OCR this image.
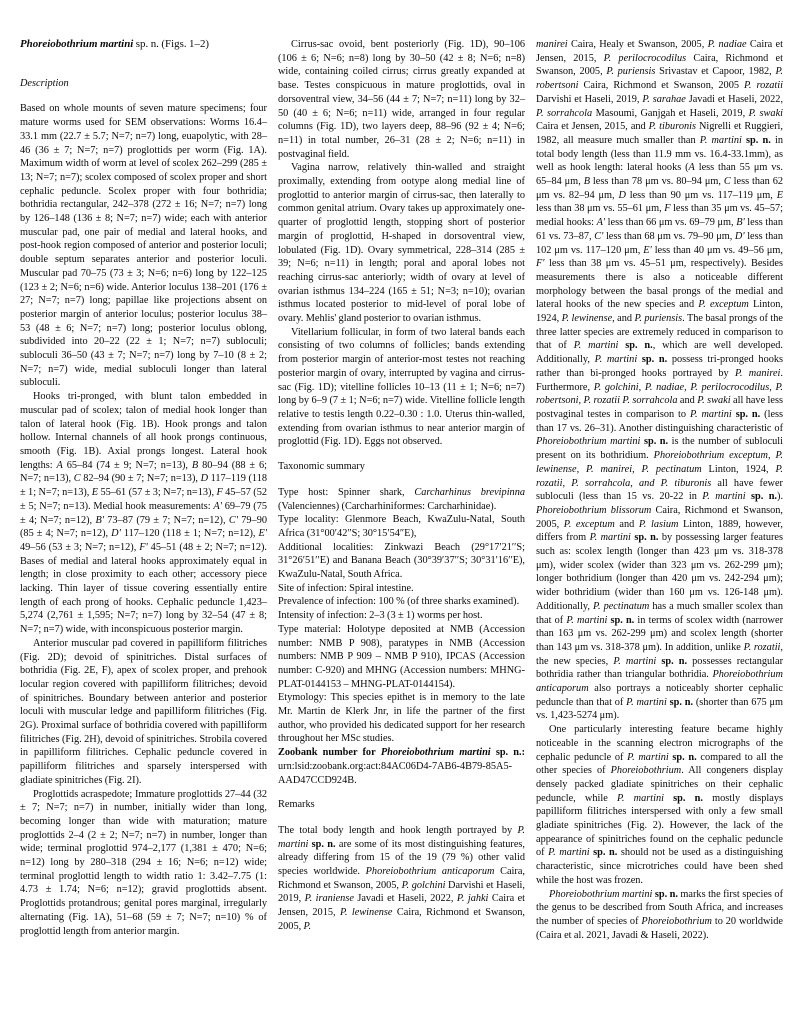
Phoreiobothrium martini sp. n. (Figs. 1–2)

Description

Based on whole mounts of seven mature specimens; four mature worms used for SEM observations: Worms 16.4–33.1 mm (22.7 ± 5.7; N=7; n=7) long, euapolytic, with 28–46 (36 ± 7; N=7; n=7) proglottids per worm (Fig. 1A). Maximum width of worm at level of scolex 262–299 (285 ± 13; N=7; n=7); scolex composed of scolex proper and short cephalic peduncle. Scolex proper with four bothridia; bothridia rectangular, 242–378 (272 ± 16; N=7; n=7) long by 126–148 (136 ± 8; N=7; n=7) wide; each with anterior muscular pad, one pair of medial and lateral hooks, and post-hook region composed of anterior and posterior loculi; double septum separates anterior and posterior loculi. Muscular pad 70–75 (73 ± 3; N=6; n=6) long by 122–125 (123 ± 2; N=6; n=6) wide. Anterior loculus 138–201 (176 ± 27; N=7; n=7) long; papillae like projections absent on posterior margin of anterior loculus; posterior loculus 38–53 (48 ± 6; N=7; n=7) long; posterior loculus oblong, subdivided into 20–22 (22 ± 1; N=7; n=7) subloculi; subloculi 36–50 (43 ± 7; N=7; n=7) long by 7–10 (8 ± 2; N=7; n=7) wide, medial subloculi longer than lateral subloculi.

Hooks tri-pronged, with blunt talon embedded in muscular pad of scolex; talon of medial hook longer than talon of lateral hook (Fig. 1B). Hook prongs and talon hollow. Internal channels of all hook prongs continuous, smooth (Fig. 1B). Axial prongs longest. Lateral hook lengths: A 65–84 (74 ± 9; N=7; n=13), B 80–94 (88 ± 6; N=7; n=13), C 82–94 (90 ± 7; N=7; n=13), D 117–119 (118 ± 1; N=7; n=13), E 55–61 (57 ± 3; N=7; n=13), F 45–57 (52 ± 5; N=7; n=13). Medial hook measurements: A' 69–79 (75 ± 4; N=7; n=12), B' 73–87 (79 ± 7; N=7; n=12), C' 79–90 (85 ± 4; N=7; n=12), D' 117–120 (118 ± 1; N=7; n=12), E' 49–56 (53 ± 3; N=7; n=12), F' 45–51 (48 ± 2; N=7; n=12). Bases of medial and lateral hooks approximately equal in length; in close proximity to each other; accessory piece lacking. Thin layer of tissue covering essentially entire length of each prong of hooks. Cephalic peduncle 1,423–5,274 (2,761 ± 1,595; N=7; n=7) long by 32–54 (47 ± 8; N=7; n=7) wide, with inconspicuous posterior margin.

Anterior muscular pad covered in papilliform filitriches (Fig. 2D); devoid of spinitriches. Distal surfaces of bothridia (Fig. 2E, F), apex of scolex proper, and prehook locular region covered with papilliform filitriches; devoid of spinitriches. Boundary between anterior and posterior loculi with muscular ledge and papilliform filitriches (Fig. 2G). Proximal surface of bothridia covered with papilliform filitriches (Fig. 2H), devoid of spinitriches. Strobila covered in papilliform filitriches. Cephalic peduncle covered in papilliform filitriches and sparsely interspersed with gladiate spinitriches (Fig. 2I).

Proglottids acraspedote; Immature proglottids 27–44 (32 ± 7; N=7; n=7) in number, initially wider than long, becoming longer than wide with maturation; mature proglottids 2–4 (2 ± 2; N=7; n=7) in number, longer than wide; terminal proglottid 974–2,177 (1,381 ± 470; N=6; n=12) long by 280–318 (294 ± 16; N=6; n=12) wide; terminal proglottid length to width ratio 1: 3.42–7.75 (1: 4.73 ± 1.74; N=6; n=12); gravid proglottids absent. Proglottids protandrous; genital pores marginal, irregularly alternating (Fig. 1A), 51–68 (59 ± 7; N=7; n=10) % of proglottid length from anterior margin.

Cirrus-sac ovoid, bent posteriorly (Fig. 1D), 90–106 (106 ± 6; N=6; n=8) long by 30–50 (42 ± 8; N=6; n=8) wide, containing coiled cirrus; cirrus greatly expanded at base. Testes conspicuous in mature proglottids, oval in dorsoventral view, 34–56 (44 ± 7; N=7; n=11) long by 32–50 (40 ± 6; N=6; n=11) wide, arranged in four regular columns (Fig. 1D), two layers deep, 88–96 (92 ± 4; N=6; n=11) in total number, 26–31 (28 ± 2; N=6; n=11) in postvaginal field.

Vagina narrow, relatively thin-walled and straight proximally, extending from ootype along medial line of proglottid to anterior margin of cirrus-sac, then laterally to common genital atrium. Ovary takes up approximately one-quarter of proglottid length, stopping short of posterior margin of proglottid, H-shaped in dorsoventral view, lobulated (Fig. 1D). Ovary symmetrical, 228–314 (285 ± 39; N=6; n=11) in length; poral and aporal lobes not reaching cirrus-sac anteriorly; width of ovary at level of ovarian isthmus 134–224 (165 ± 51; N=3; n=10); ovarian isthmus located posterior to mid-level of poral lobe of ovary. Mehlis' gland posterior to ovarian isthmus.

Vitellarium follicular, in form of two lateral bands each consisting of two columns of follicles; bands extending from posterior margin of anterior-most testes not reaching posterior margin of ovary, interrupted by vagina and cirrus-sac (Fig. 1D); vitelline follicles 10–13 (11 ± 1; N=6; n=7) long by 6–9 (7 ± 1; N=6; n=7) wide. Vitelline follicle length relative to testis length 0.22–0.30 : 1.0. Uterus thin-walled, extending from ovarian isthmus to near anterior margin of proglottid (Fig. 1D). Eggs not observed.

Taxonomic summary

Type host: Spinner shark, Carcharhinus brevipinna (Valenciennes) (Carcharhiniformes: Carcharhinidae).

Type locality: Glenmore Beach, KwaZulu-Natal, South Africa (31°00′42″S; 30°15′54″E),

Additional localities: Zinkwazi Beach (29°17′21′′S; 31°26′51′′E) and Banana Beach (30°39′37′′S; 30°31′16′′E), KwaZulu-Natal, South Africa.

Site of infection: Spiral intestine.

Prevalence of infection: 100 % (of three sharks examined).

Intensity of infection: 2–3 (3 ± 1) worms per host.

Type material: Holotype deposited at NMB (Accession number: NMB P 908), paratypes in NMB (Accession numbers: NMB P 909 – NMB P 910), IPCAS (Accession number: C-920) and MHNG (Accession numbers: MHNG-PLAT-0144153 – MHNG-PLAT-0144154).

Etymology: This species epithet is in memory to the late Mr. Martin de Klerk Jnr, in life the partner of the first author, who provided his dedicated support for her research throughout her MSc studies.

Zoobank number for Phoreiobothrium martini sp. n.: urn:lsid:zoobank.org:act:84AC06D4-7AB6-4B79-85A5-AAD47CCD924B.

Remarks

The total body length and hook length portrayed by P. martini sp. n. are some of its most distinguishing features, already differing from 15 of the 19 (79 %) other valid species worldwide. Phoreiobothrium anticaporum Caira, Richmond et Swanson, 2005, P. golchini Darvishi et Haseli, 2019, P. iraniense Javadi et Haseli, 2022, P. jahki Caira et Jensen, 2015, P. lewinense Caira, Richmond et Swanson, 2005, P.

manirei Caira, Healy et Swanson, 2005, P. nadiae Caira et Jensen, 2015, P. perilocrocodilus Caira, Richmond et Swanson, 2005, P. puriensis Srivastav et Capoor, 1982, P. robertsoni Caira, Richmond et Swanson, 2005 P. rozatii Darvishi et Haseli, 2019, P. sarahae Javadi et Haseli, 2022, P. sorrahcola Masoumi, Ganjgah et Haseli, 2019, P. swaki Caira et Jensen, 2015, and P. tiburonis Nigrelli et Ruggieri, 1982, all measure much smaller than P. martini sp. n. in total body length (less than 11.9 mm vs. 16.4-33.1mm), as well as hook length: lateral hooks (A less than 55 μm vs. 65–84 μm, B less than 78 μm vs. 80–94 μm, C less than 62 μm vs. 82–94 μm, D less than 90 μm vs. 117–119 μm, E less than 38 μm vs. 55–61 μm, F less than 35 μm vs. 45–57; medial hooks: A' less than 66 μm vs. 69–79 μm, B' less than 61 vs. 73–87, C' less than 68 μm vs. 79–90 μm, D' less than 102 μm vs. 117–120 μm, E' less than 40 μm vs. 49–56 μm, F' less than 38 μm vs. 45–51 μm, respectively). Besides measurements there is also a noticeable different morphology between the basal prongs of the medial and lateral hooks of the new species and P. exceptum Linton, 1924, P. lewinense, and P. puriensis. The basal prongs of the three latter species are extremely reduced in comparison to that of P. martini sp. n., which are well developed. Additionally, P. martini sp. n. possess tri-pronged hooks rather than bi-pronged hooks portrayed by P. manirei. Furthermore, P. golchini, P. nadiae, P. perilocrocodilus, P. robertsoni, P. rozatii P. sorrahcola and P. swaki all have less postvaginal testes in comparison to P. martini sp. n. (less than 17 vs. 26–31). Another distinguishing characteristic of Phoreiobothrium martini sp. n. is the number of subloculi present on its bothridium. Phoreiobothrium exceptum, P. lewinense, P. manirei, P. pectinatum Linton, 1924, P. rozatii, P. sorrahcola, and P. tiburonis all have fewer subloculi (less than 15 vs. 20-22 in P. martini sp. n.). Phoreiobothrium blissorum Caira, Richmond et Swanson, 2005, P. exceptum and P. lasium Linton, 1889, however, differs from P. martini sp. n. by possessing larger features such as: scolex length (longer than 423 μm vs. 318-378 μm), wider scolex (wider than 323 μm vs. 262-299 μm); longer bothridium (longer than 420 μm vs. 242-294 μm); wider bothridium (wider than 160 μm vs. 126-148 μm). Additionally, P. pectinatum has a much smaller scolex than that of P. martini sp. n. in terms of scolex width (narrower than 163 μm vs. 262-299 μm) and scolex length (shorter than 143 μm vs. 318-378 μm). In addition, unlike P. rozatii, the new species, P. martini sp. n. possesses rectangular bothridia rather than triangular bothridia. Phoreiobothrium anticaporum also portrays a noticeably shorter cephalic peduncle than that of P. martini sp. n. (shorter than 675 μm vs. 1,423-5274 μm).

One particularly interesting feature became highly noticeable in the scanning electron micrographs of the cephalic peduncle of P. martini sp. n. compared to all the other species of Phoreiobothrium. All congeners display densely packed gladiate spinitriches on their cephalic peduncle, while P. martini sp. n. mostly displays papilliform filitriches interspersed with only a few small gladiate spinitriches (Fig. 2). However, the lack of the appearance of spinitriches found on the cephalic peduncle of P. martini sp. n. should not be used as a distinguishing characteristic, since microtriches could have been shed while the host was frozen.

Phoreiobothrium martini sp. n. marks the first species of the genus to be described from South Africa, and increases the number of species of Phoreiobothrium to 20 worldwide (Caira et al. 2021, Javadi & Haseli, 2022).
